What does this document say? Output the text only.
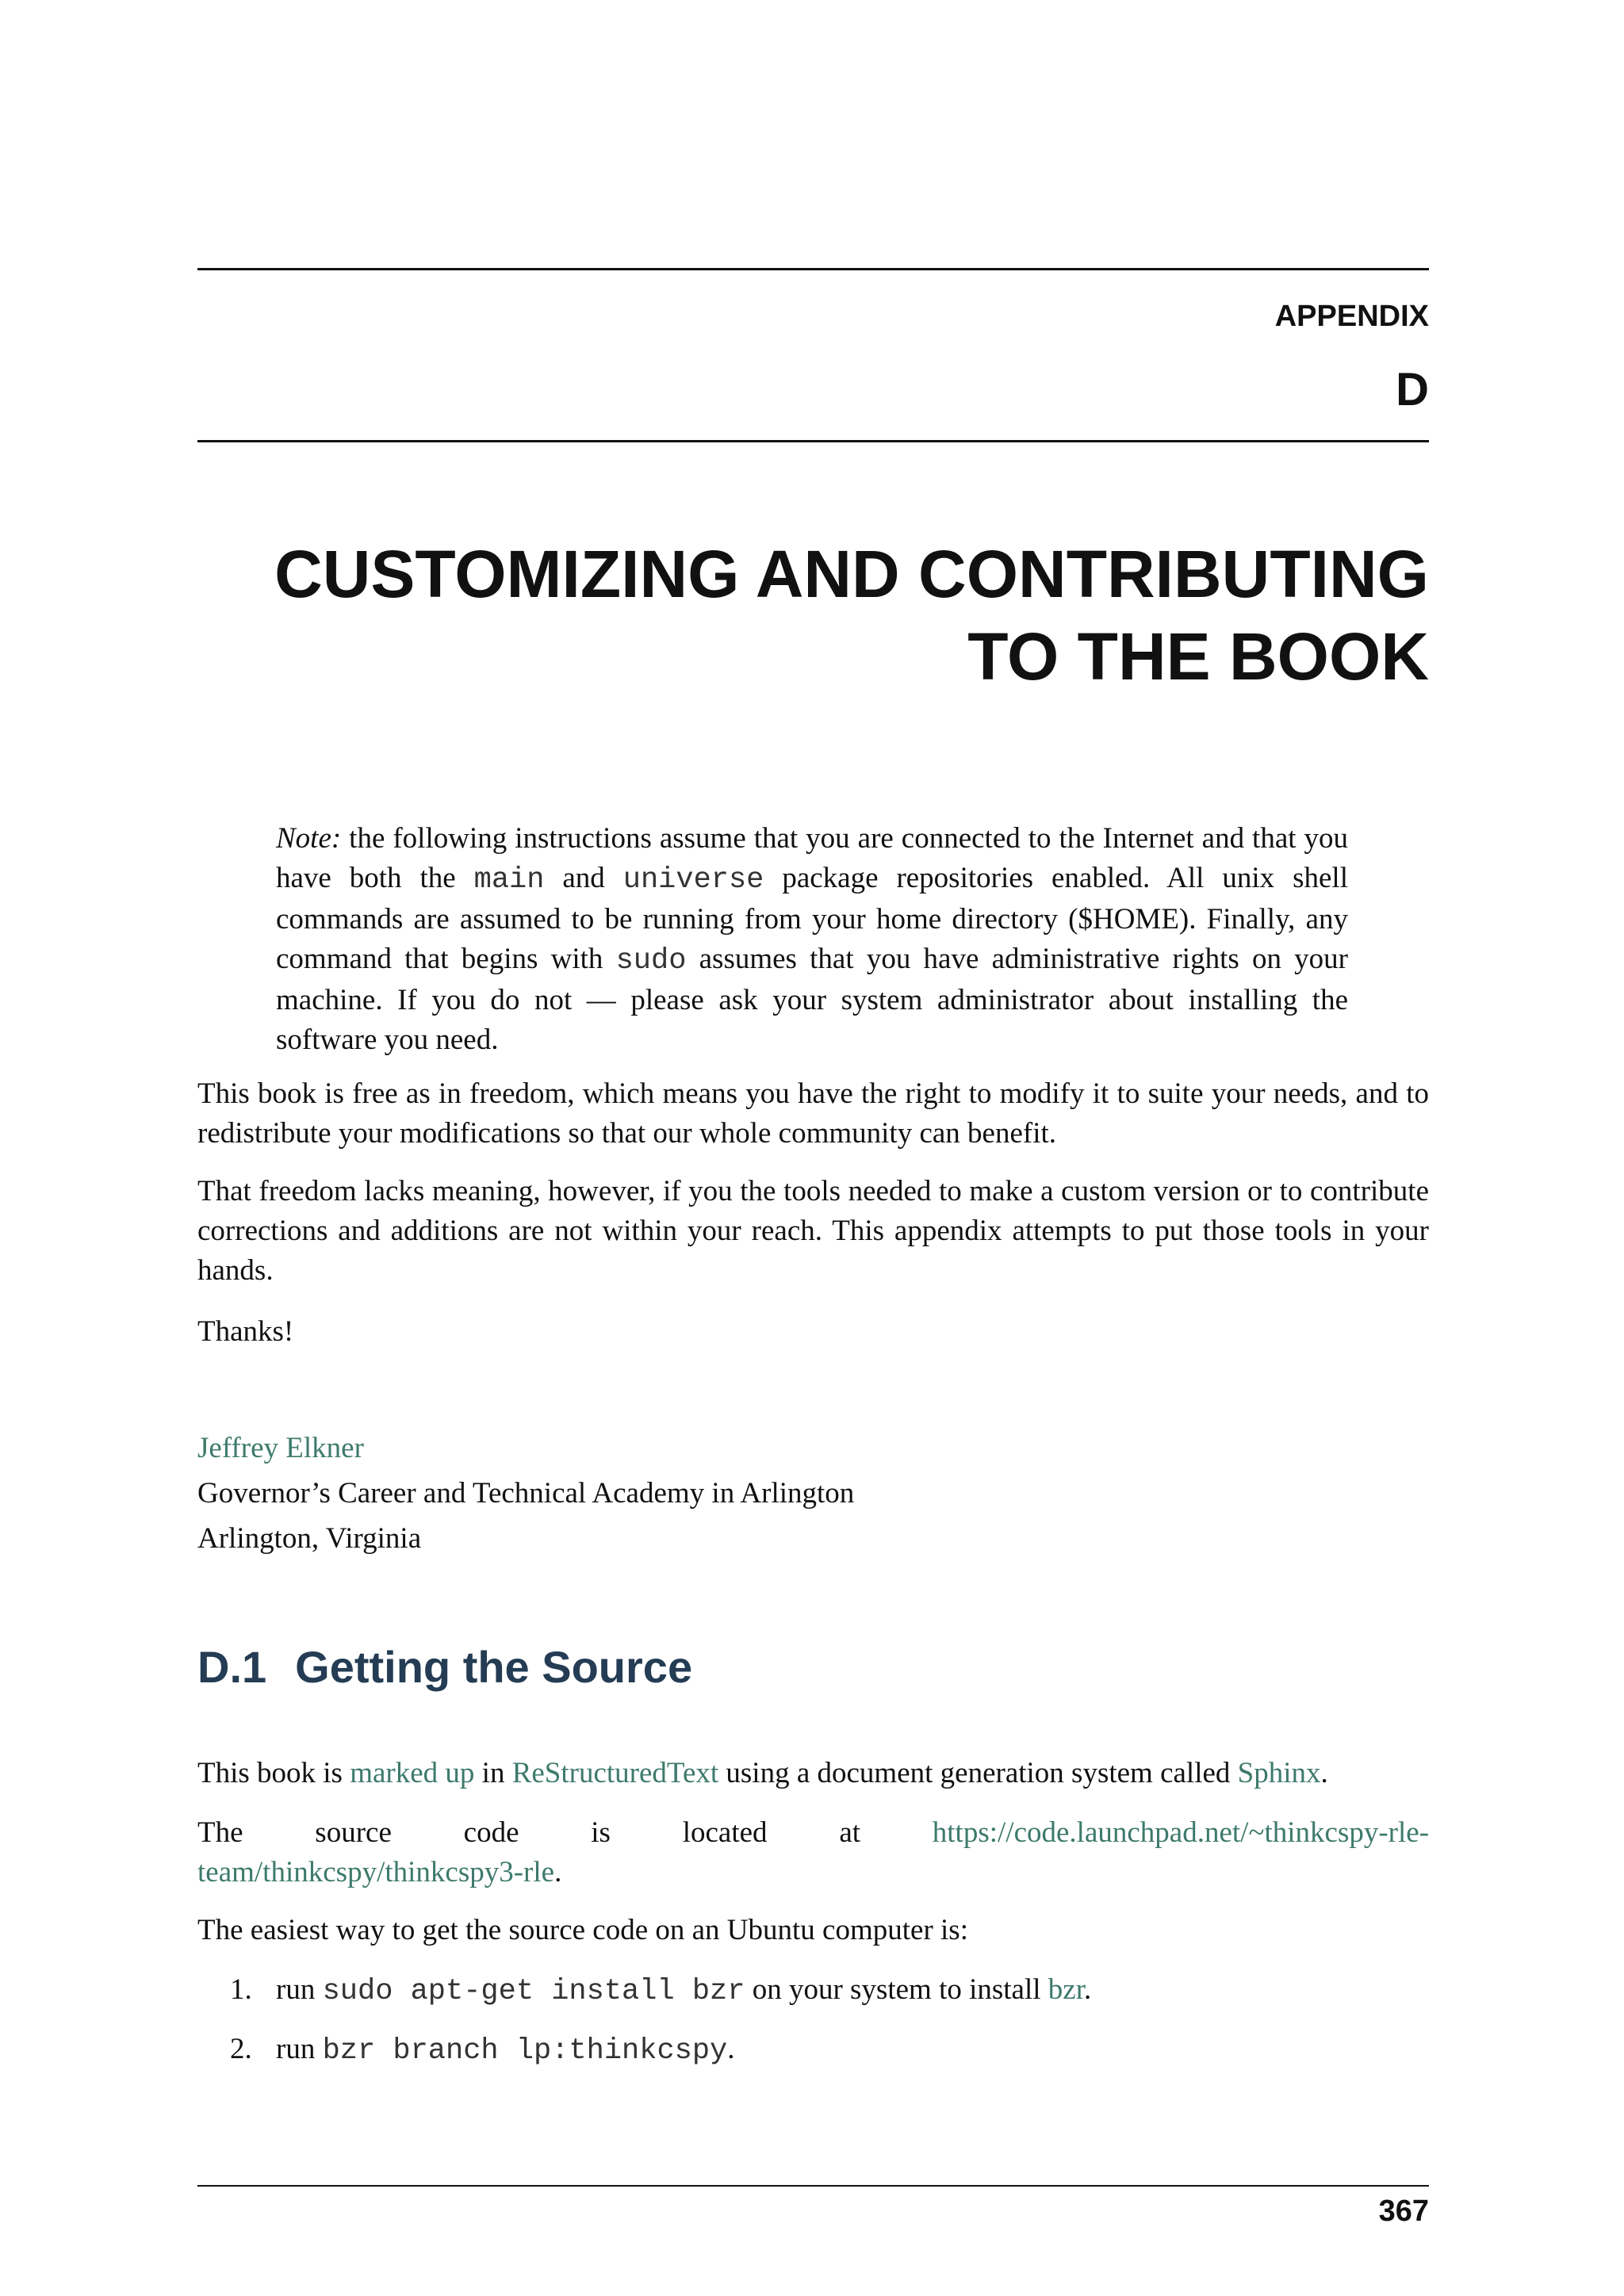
APPENDIX
D
CUSTOMIZING AND CONTRIBUTING
TO THE BOOK
Note: the following instructions assume that you are connected to the Internet and that you have both the main and universe package repositories enabled. All unix shell commands are assumed to be running from your home directory ($HOME). Finally, any command that begins with sudo assumes that you have administrative rights on your machine. If you do not — please ask your system administrator about installing the software you need.
This book is free as in freedom, which means you have the right to modify it to suite your needs, and to redistribute your modifications so that our whole community can benefit.
That freedom lacks meaning, however, if you the tools needed to make a custom version or to contribute corrections and additions are not within your reach. This appendix attempts to put those tools in your hands.
Thanks!
Jeffrey Elkner
Governor’s Career and Technical Academy in Arlington
Arlington, Virginia
D.1 Getting the Source
This book is marked up in ReStructuredText using a document generation system called Sphinx.
The source code is located at https://code.launchpad.net/~thinkcspy-rle-
team/thinkcspy/thinkcspy3-rle.
The easiest way to get the source code on an Ubuntu computer is:
1. run sudo apt-get install bzr on your system to install bzr.
2. run bzr branch lp:thinkcspy.
367
